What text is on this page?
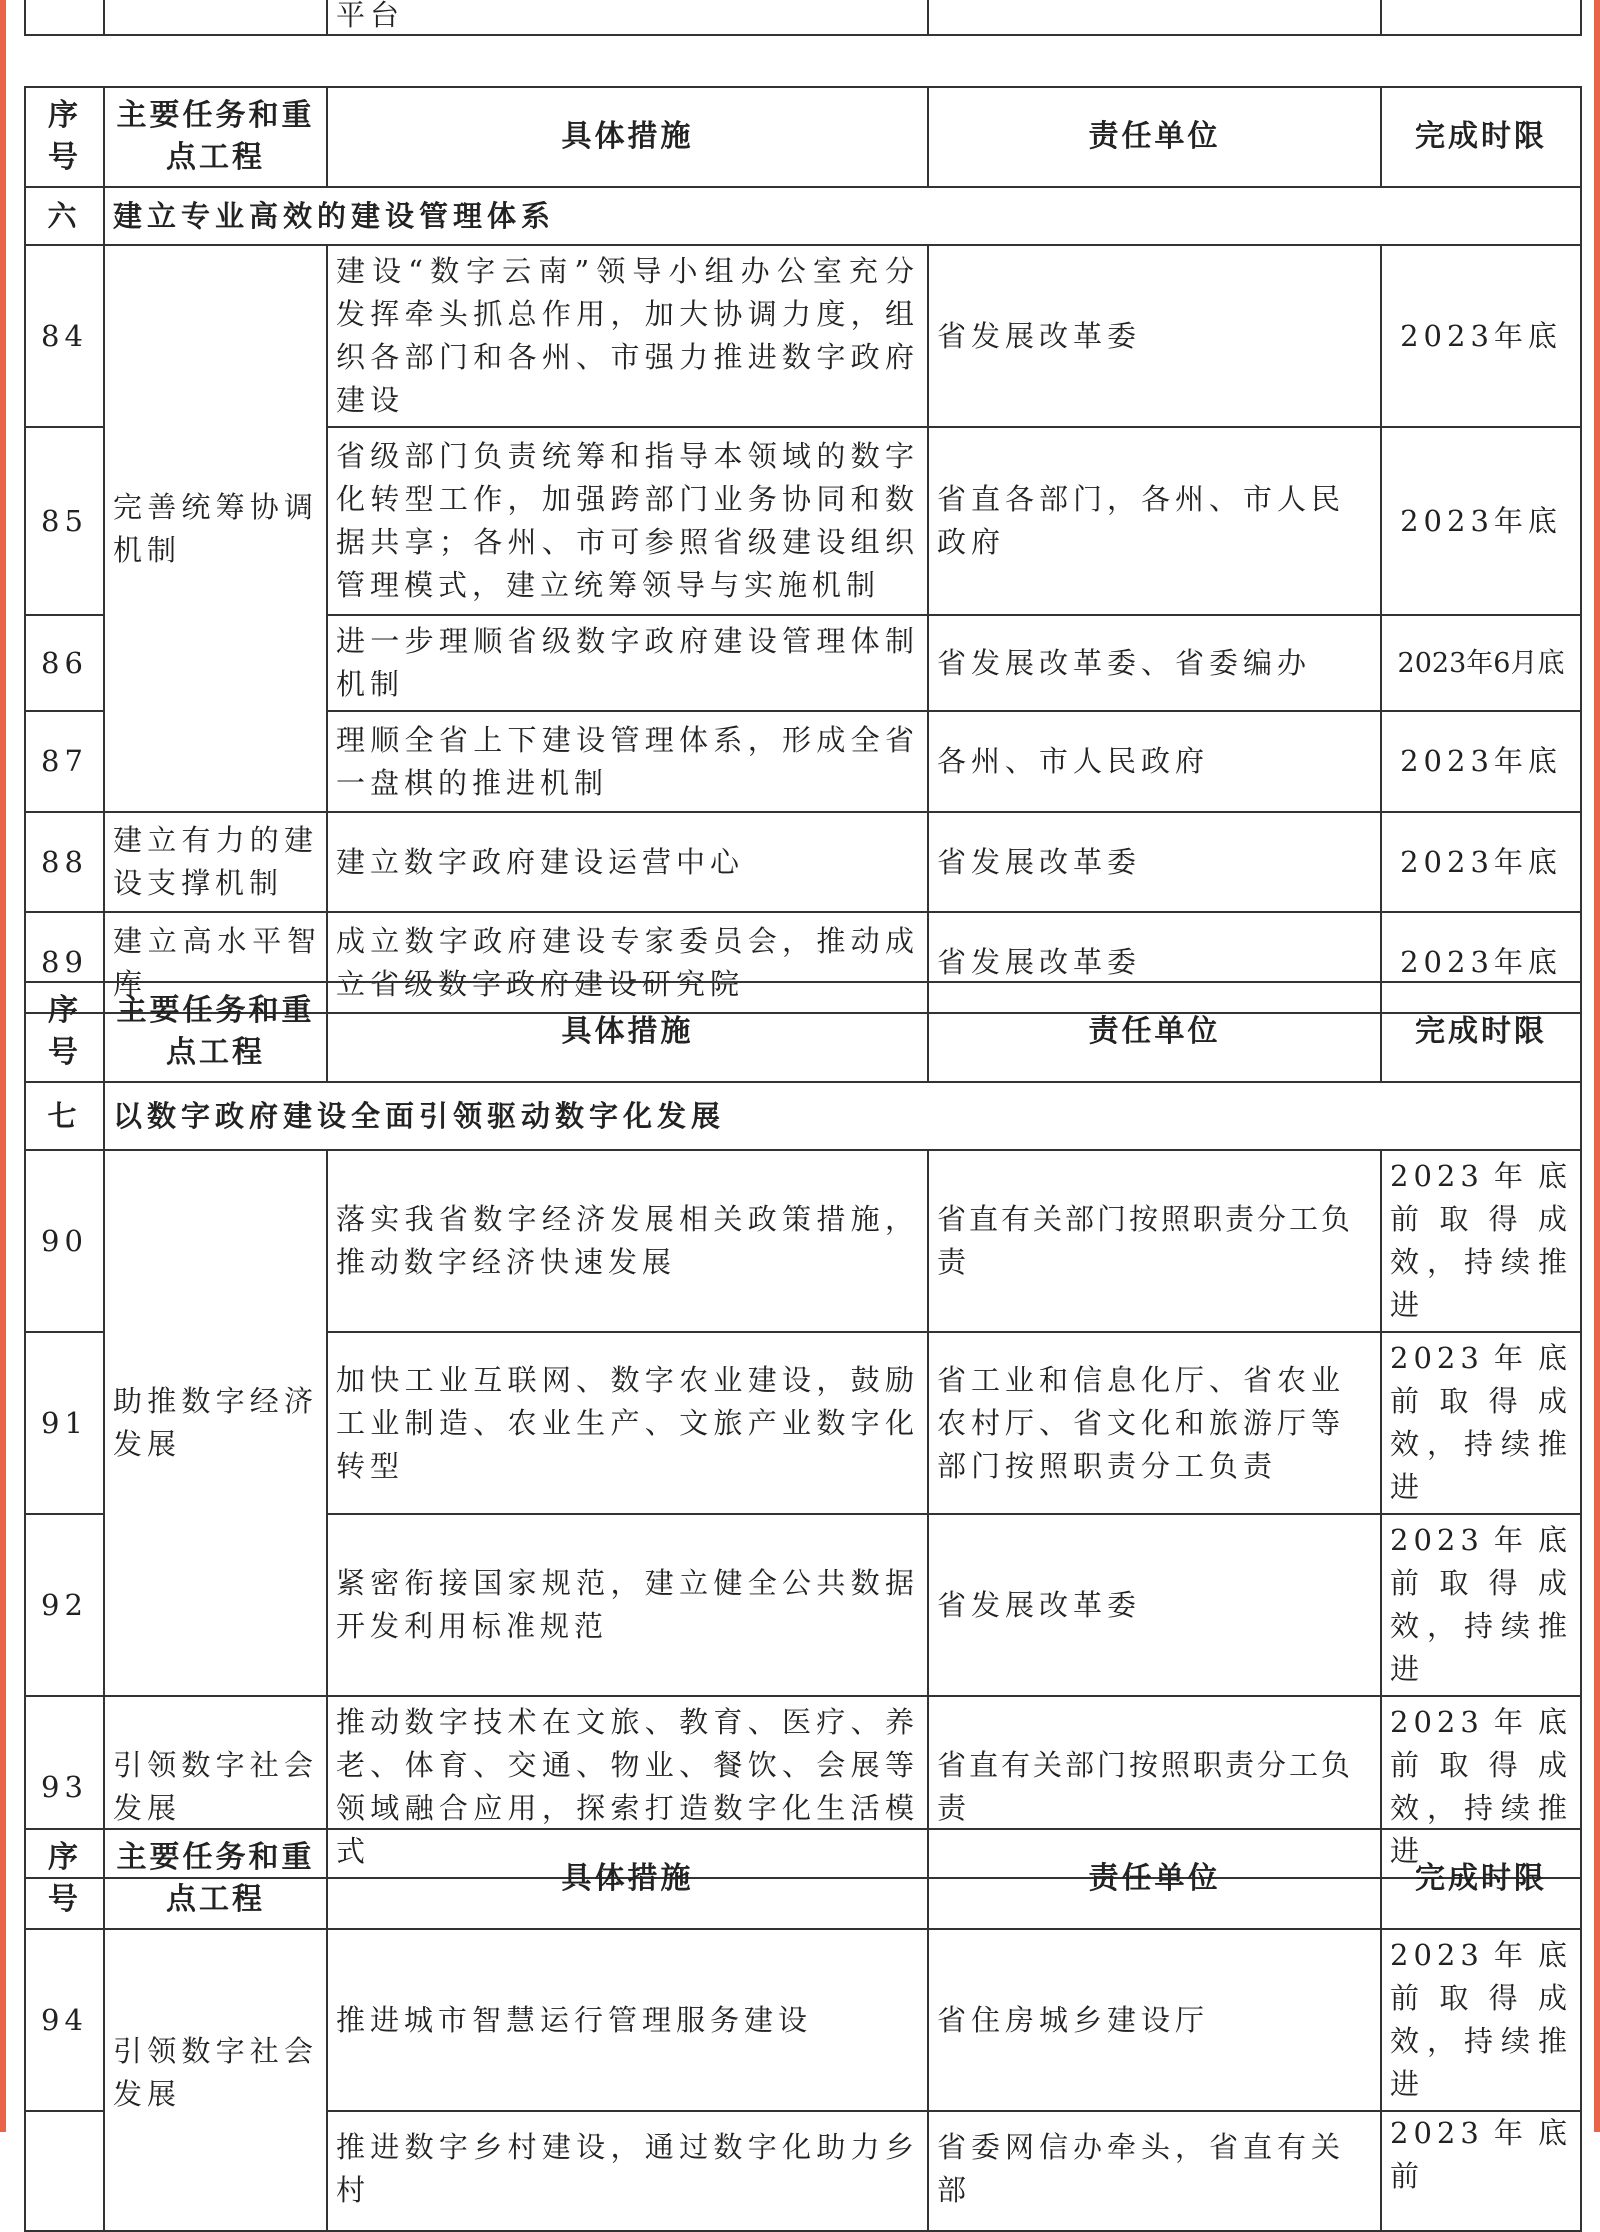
		平台		
序号	主要任务和重点工程	具体措施	责任单位	完成时限
六	建立专业高效的建设管理体系			
84	完善统筹协调机制	建设“数字云南”领导小组办公室充分发挥牵头抓总作用，加大协调力度，组织各部门和各州、市强力推进数字政府建设	省发展改革委	2023年底
85		省级部门负责统筹和指导本领域的数字化转型工作，加强跨部门业务协同和数据共享；各州、市可参照省级建设组织管理模式，建立统筹领导与实施机制	省直各部门，各州、市人民政府	2023年底
86		进一步理顺省级数字政府建设管理体制机制	省发展改革委、省委编办	2023年6月底
87		理顺全省上下建设管理体系，形成全省一盘棋的推进机制	各州、市人民政府	2023年底
88	建立有力的建设支撑机制	建立数字政府建设运营中心	省发展改革委	2023年底
89	建立高水平智库	成立数字政府建设专家委员会，推动成立省级数字政府建设研究院	省发展改革委	2023年底
序号	主要任务和重点工程	具体措施	责任单位	完成时限
七	以数字政府建设全面引领驱动数字化发展			
90	助推数字经济发展	落实我省数字经济发展相关政策措施，推动数字经济快速发展	省直有关部门按照职责分工负责	2023年底前取得成效，持续推进
91		加快工业互联网、数字农业建设，鼓励工业制造、农业生产、文旅产业数字化转型	省工业和信息化厅、省农业农村厅、省文化和旅游厅等部门按照职责分工负责	2023年底前取得成效，持续推进
92		紧密衔接国家规范，建立健全公共数据开发利用标准规范	省发展改革委	2023年底前取得成效，持续推进
93	引领数字社会发展	推动数字技术在文旅、教育、医疗、养老、体育、交通、物业、餐饮、会展等领域融合应用，探索打造数字化生活模式	省直有关部门按照职责分工负责	2023年底前取得成效，持续推进
序号	主要任务和重点工程	具体措施	责任单位	完成时限
94	引领数字社会发展	推进城市智慧运行管理服务建设	省住房城乡建设厅	2023年底前取得成效，持续推进
		推进数字乡村建设，通过数字化助力乡村	省委网信办牵头，省直有关部	2023年底前
